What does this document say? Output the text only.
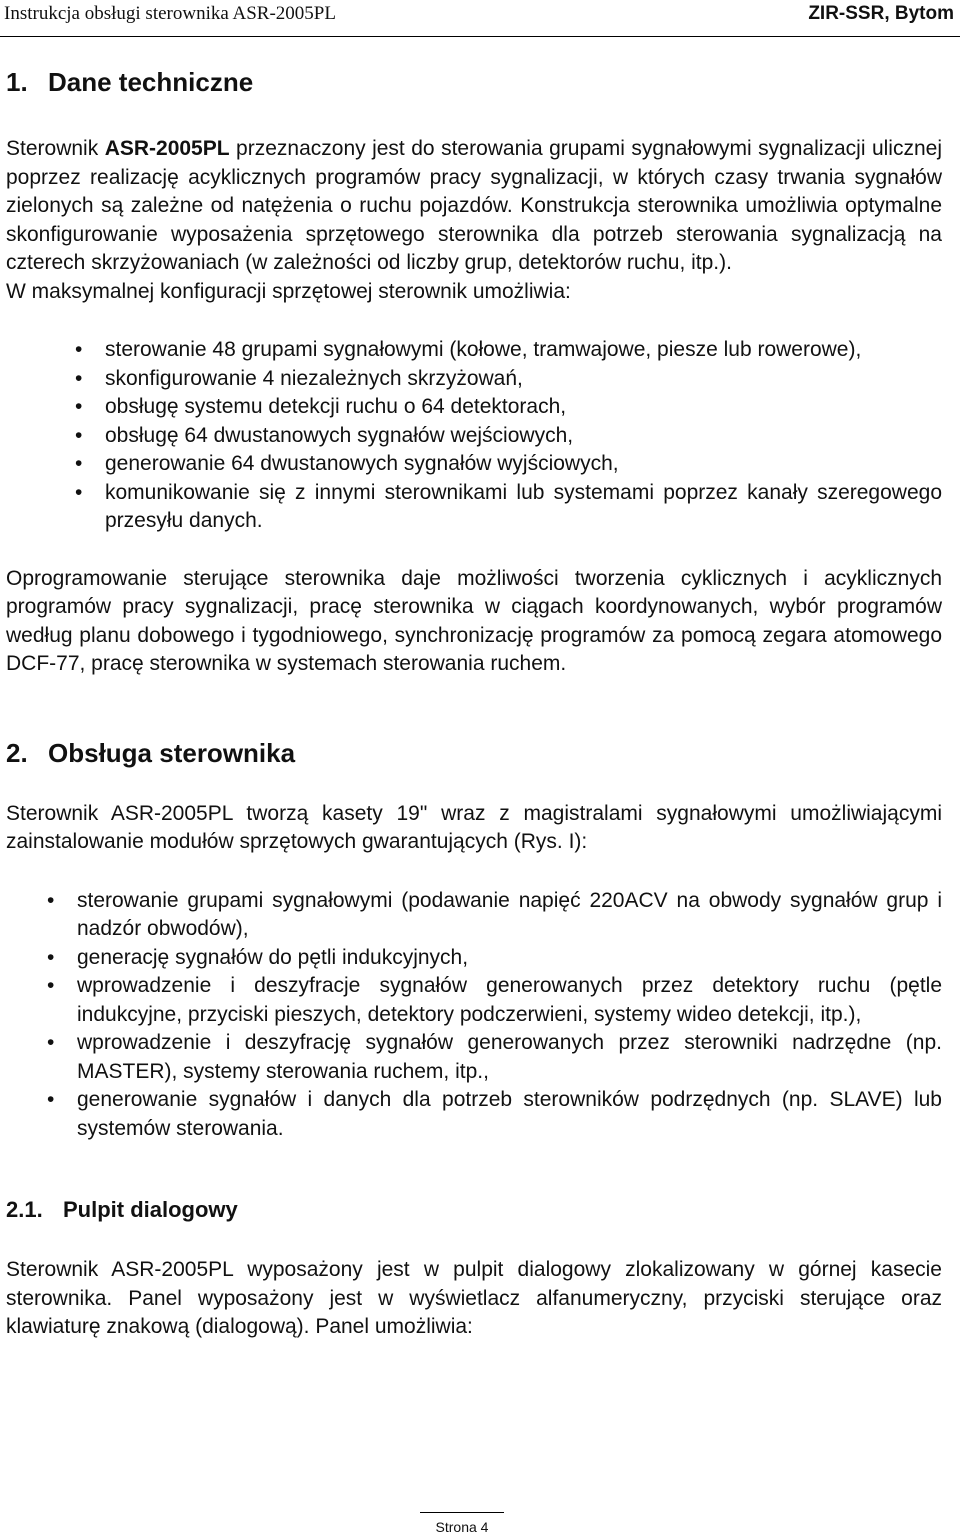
Instrukcja obsługi sterownika ASR-2005PL	ZIR-SSR, Bytom
1. Dane techniczne

Sterownik ASR-2005PL przeznaczony jest do sterowania grupami sygnałowymi sygnalizacji ulicznej poprzez realizację acyklicznych programów pracy sygnalizacji, w których czasy trwania sygnałów zielonych są zależne od natężenia o ruchu pojazdów. Konstrukcja sterownika umożliwia optymalne skonfigurowanie wyposażenia sprzętowego sterownika dla potrzeb sterowania sygnalizacją na czterech skrzyżowaniach (w zależności od liczby grup, detektorów ruchu, itp.).

W maksymalnej konfiguracji sprzętowej sterownik umożliwia:

• sterowanie 48 grupami sygnałowymi (kołowe, tramwajowe, piesze lub rowerowe),
• skonfigurowanie 4 niezależnych skrzyżowań,
• obsługę systemu detekcji ruchu o 64 detektorach,
• obsługę 64 dwustanowych sygnałów wejściowych,
• generowanie 64 dwustanowych sygnałów wyjściowych,
• komunikowanie się z innymi sterownikami lub systemami poprzez kanały szeregowego przesyłu danych.

Oprogramowanie sterujące sterownika daje możliwości tworzenia cyklicznych i acyklicznych programów pracy sygnalizacji, pracę sterownika w ciągach koordynowanych, wybór programów według planu dobowego i tygodniowego, synchronizację programów za pomocą zegara atomowego DCF-77, pracę sterownika w systemach sterowania ruchem.

2. Obsługa sterownika

Sterownik ASR-2005PL tworzą kasety 19" wraz z magistralami sygnałowymi umożliwiającymi zainstalowanie modułów sprzętowych gwarantujących (Rys. I):

• sterowanie grupami sygnałowymi (podawanie napięć 220ACV na obwody sygnałów grup i nadzór obwodów),
• generację sygnałów do pętli indukcyjnych,
• wprowadzenie i deszyfracje sygnałów generowanych przez detektory ruchu (pętle indukcyjne, przyciski pieszych, detektory podczerwieni, systemy wideo detekcji, itp.),
• wprowadzenie i deszyfrację sygnałów generowanych przez sterowniki nadrzędne (np. MASTER), systemy sterowania ruchem, itp.,
• generowanie sygnałów i danych dla potrzeb sterowników podrzędnych (np. SLAVE) lub systemów sterowania.
2.1. Pulpit dialogowy

Sterownik ASR-2005PL wyposażony jest w pulpit dialogowy zlokalizowany w górnej kasecie sterownika. Panel wyposażony jest w wyświetlacz alfanumeryczny, przyciski sterujące oraz klawiaturę znakową (dialogową). Panel umożliwia:

Strona 4
